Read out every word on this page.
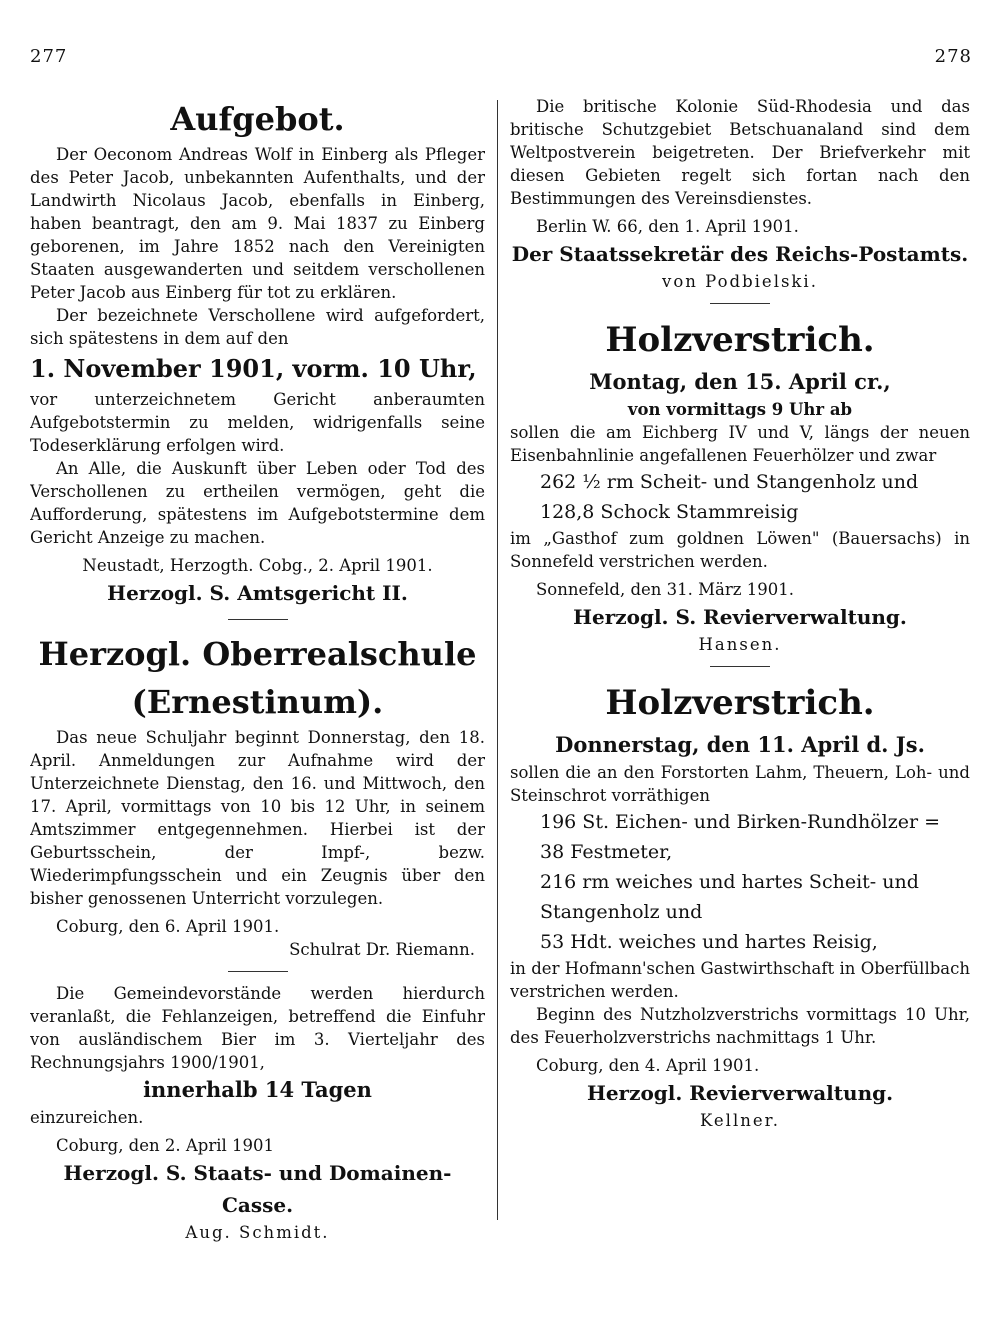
277	278
Aufgebot.

Der Oeconom Andreas Wolf in Einberg als Pfleger des Peter Jacob, unbekannten Aufenthalts, und der Landwirth Nicolaus Jacob, ebenfalls in Einberg, haben beantragt, den am 9. Mai 1837 zu Einberg geborenen, im Jahre 1852 nach den Vereinigten Staaten ausgewanderten und seitdem verschollenen Peter Jacob aus Einberg für tot zu erklären.

Der bezeichnete Verschollene wird aufgefordert, sich spätestens in dem auf den

1. November 1901, vorm. 10 Uhr,

vor unterzeichnetem Gericht anberaumten Aufgebotstermin zu melden, widrigenfalls seine Todeserklärung erfolgen wird.

An Alle, die Auskunft über Leben oder Tod des Verschollenen zu ertheilen vermögen, geht die Aufforderung, spätestens im Aufgebotstermine dem Gericht Anzeige zu machen.

Neustadt, Herzogth. Cobg., 2. April 1901.

Herzogl. S. Amtsgericht II.

Herzogl. Oberrealschule (Ernestinum).

Das neue Schuljahr beginnt Donnerstag, den 18. April. Anmeldungen zur Aufnahme wird der Unterzeichnete Dienstag, den 16. und Mittwoch, den 17. April, vormittags von 10 bis 12 Uhr, in seinem Amtszimmer entgegennehmen. Hierbei ist der Geburtsschein, der Impf-, bezw. Wiederimpfungsschein und ein Zeugnis über den bisher genossenen Unterricht vorzulegen.

Coburg, den 6. April 1901.

Schulrat Dr. Riemann.

Die Gemeindevorstände werden hierdurch veranlaßt, die Fehlanzeigen, betreffend die Einfuhr von ausländischem Bier im 3. Vierteljahr des Rechnungsjahrs 1900/1901,

innerhalb 14 Tagen

einzureichen.

Coburg, den 2. April 1901

Herzogl. S. Staats- und Domainen-Casse.

Aug. Schmidt.

Die britische Kolonie Süd-Rhodesia und das britische Schutzgebiet Betschuanaland sind dem Weltpostverein beigetreten. Der Briefverkehr mit diesen Gebieten regelt sich fortan nach den Bestimmungen des Vereinsdienstes.

Berlin W. 66, den 1. April 1901.

Der Staatssekretär des Reichs-Postamts.

von Podbielski.

Holzverstrich.

Montag, den 15. April cr.,

von vormittags 9 Uhr ab

sollen die am Eichberg IV und V, längs der neuen Eisenbahnlinie angefallenen Feuerhölzer und zwar

262 ½ rm Scheit- und Stangenholz und

128,8 Schock Stammreisig

im „Gasthof zum goldnen Löwen" (Bauersachs) in Sonnefeld verstrichen werden.

Sonnefeld, den 31. März 1901.

Herzogl. S. Revierverwaltung.

Hansen.

Holzverstrich.

Donnerstag, den 11. April d. Js.

sollen die an den Forstorten Lahm, Theuern, Loh- und Steinschrot vorräthigen

196 St. Eichen- und Birken-Rundhölzer = 38 Festmeter,

216 rm weiches und hartes Scheit- und Stangenholz und

53 Hdt. weiches und hartes Reisig,

in der Hofmann'schen Gastwirthschaft in Oberfüllbach verstrichen werden.

Beginn des Nutzholzverstrichs vormittags 10 Uhr, des Feuerholzverstrichs nachmittags 1 Uhr.

Coburg, den 4. April 1901.

Herzogl. Revierverwaltung.

Kellner.
